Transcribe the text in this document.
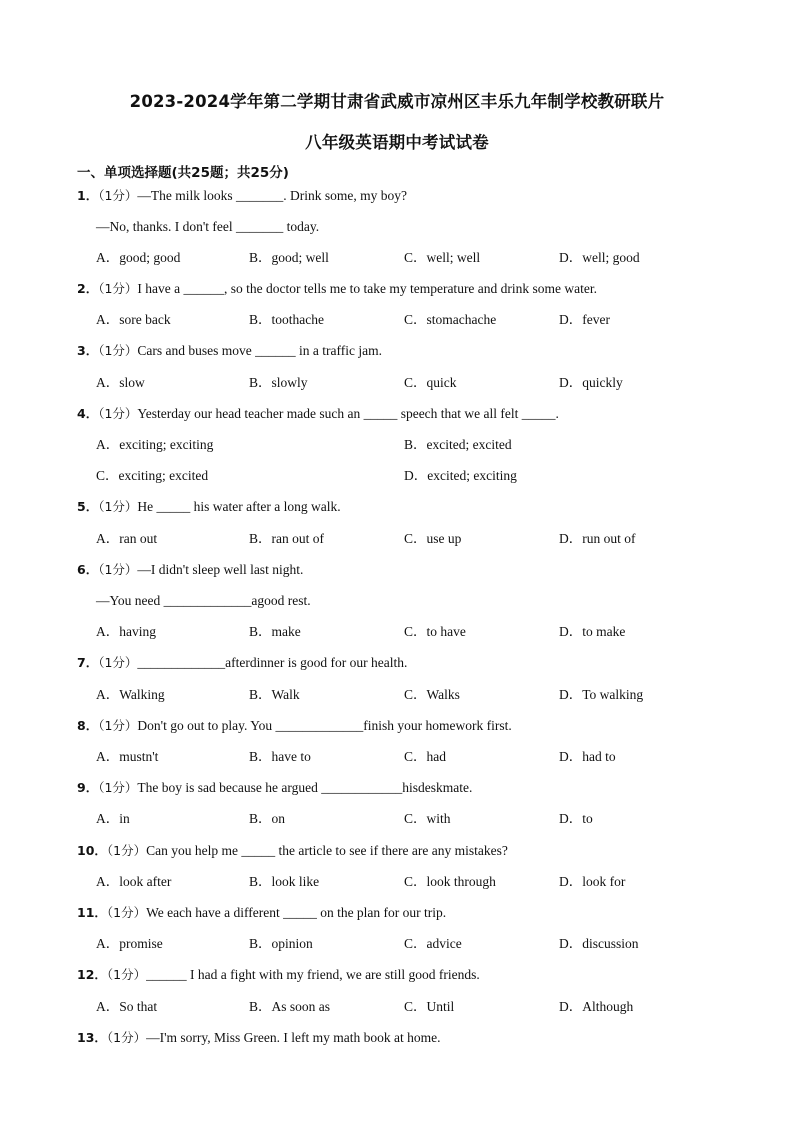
2023-2024学年第二学期甘肃省武威市凉州区丰乐九年制学校教研联片
八年级英语期中考试试卷
一、单项选择题(共25题；共25分)
1．（1分）—The milk looks _______. Drink some, my boy?
—No, thanks. I don't feel _______ today.
A．good; good	B．good; well	C．well; well	D．well; good
2．（1分）I have a ______, so the doctor tells me to take my temperature and drink some water.
A．sore back	B．toothache	C．stomachache	D．fever
3．（1分）Cars and buses move ______ in a traffic jam.
A．slow	B．slowly	C．quick	D．quickly
4．（1分）Yesterday our head teacher made such an _____ speech that we all felt _____.
A．exciting; exciting	B．excited; excited
C．exciting; excited	D．excited; exciting
5．（1分）He _____ his water after a long walk.
A．ran out	B．ran out of	C．use up	D．run out of
6．（1分）—I didn't sleep well last night.
—You need _____________agood rest.
A．having	B．make	C．to have	D．to make
7．（1分）_____________afterdinner is good for our health.
A．Walking	B．Walk	C．Walks	D．To walking
8．（1分）Don't go out to play. You _____________finish your homework first.
A．mustn't	B．have to	C．had	D．had to
9．（1分）The boy is sad because he argued ____________hisdeskmate.
A．in	B．on	C．with	D．to
10．（1分）Can you help me _____ the article to see if there are any mistakes?
A．look after	B．look like	C．look through	D．look for
11．（1分）We each have a different _____ on the plan for our trip.
A．promise	B．opinion	C．advice	D．discussion
12．（1分）______ I had a fight with my friend, we are still good friends.
A．So that	B．As soon as	C．Until	D．Although
13．（1分）—I'm sorry, Miss Green. I left my math book at home.
